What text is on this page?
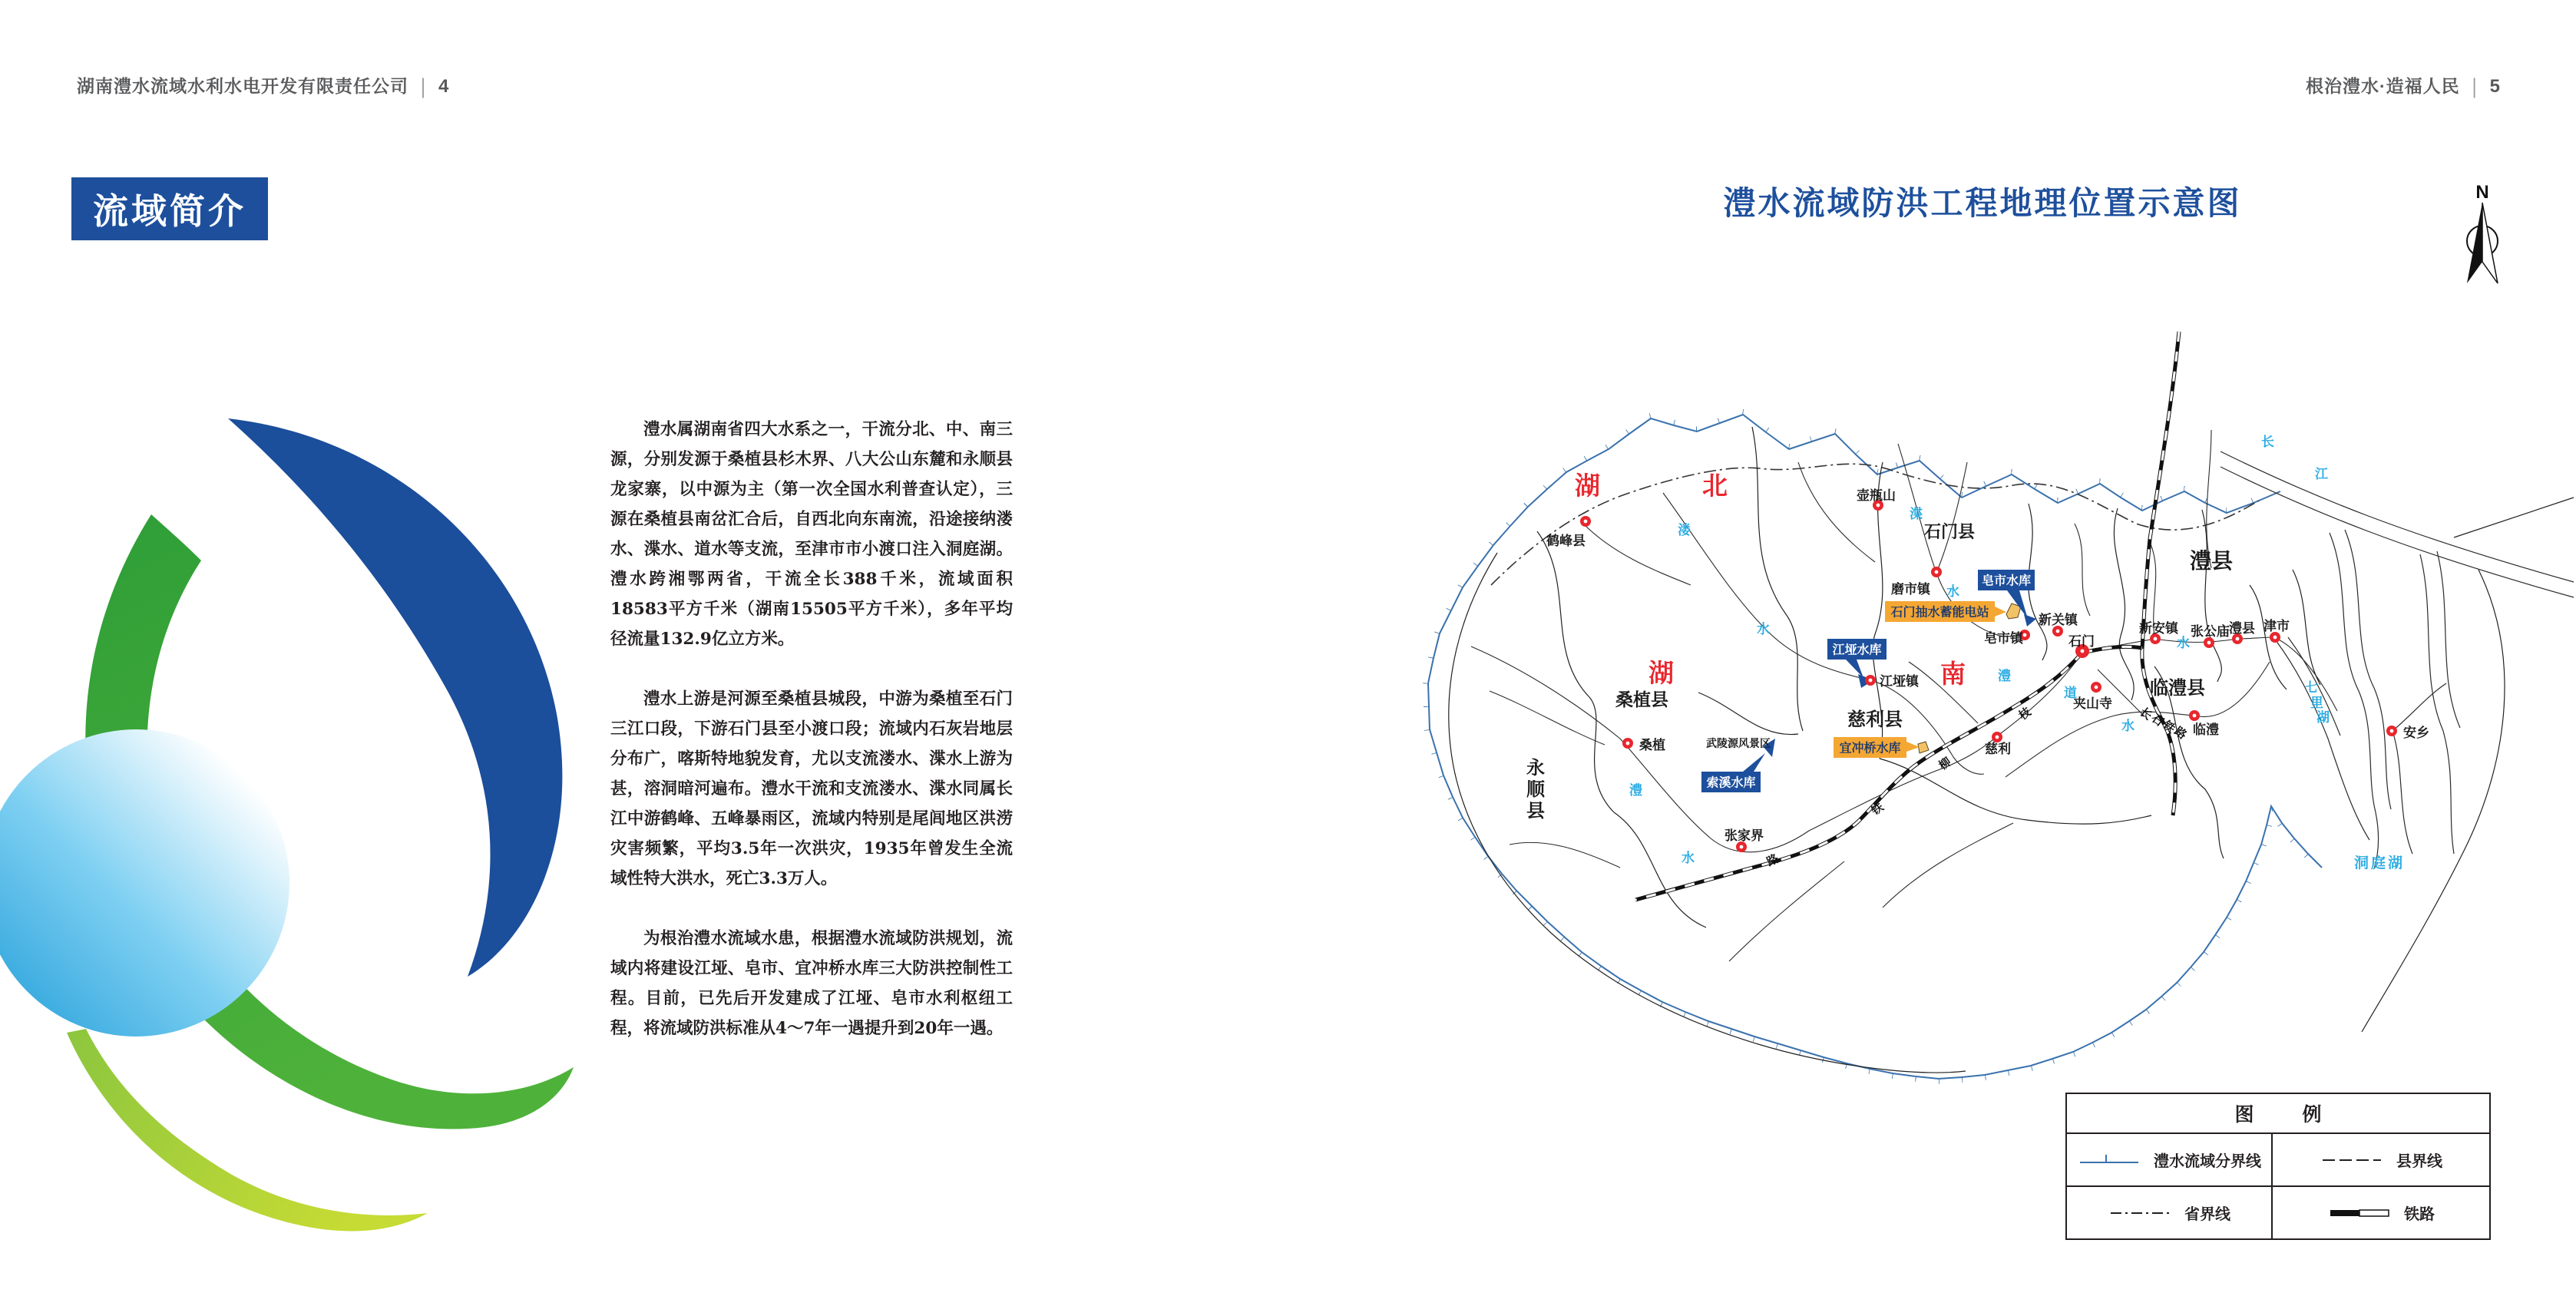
湖南澧水流域水利水电开发有限责任公司 | 4	根治澧水·造福人民 | 5
流域简介

澧水属湖南省四大水系之一，干流分北、中、南三源，分别发源于桑植县杉木界、八大公山东麓和永顺县龙家寨，以中源为主（第一次全国水利普查认定），三源在桑植县南岔汇合后，自西北向东南流，沿途接纳溇水、渫水、道水等支流，至津市市小渡口注入洞庭湖。澧水跨湘鄂两省，干流全长388千米，流域面积18583平方千米（湖南15505平方千米），多年平均径流量132.9亿立方米。

澧水上游是河源至桑植县城段，中游为桑植至石门三江口段，下游石门县至小渡口段；流域内石灰岩地层分布广，喀斯特地貌发育，尤以支流溇水、渫水上游为甚，溶洞暗河遍布。澧水干流和支流溇水、渫水同属长江中游鹤峰、五峰暴雨区，流域内特别是尾闾地区洪涝灾害频繁，平均3.5年一次洪灾，1935年曾发生全流域性特大洪水，死亡3.3万人。

为根治澧水流域水患，根据澧水流域防洪规划，流域内将建设江垭、皂市、宜冲桥水库三大防洪控制性工程。目前，已先后开发建成了江垭、皂市水利枢纽工程，将流域防洪标准从4～7年一遇提升到20年一遇。

澧水流域防洪工程地理位置示意图	N
枝
柳
铁
路
长
石
铁
路
湖	北
湖	南
溇
水
渫
水
澧
水
澧
水
道
水
长
江
七
里
湖
洞庭湖
武陵源风景区
石门县
澧县
临澧县
慈利县
桑植县
永
顺
县
皂市水库
江垭水库
索溪水库
石门抽水蓄能电站
宜冲桥水库
鹤峰县
壶瓶山
磨市镇
皂市镇
新关镇
石门
新安镇 张公庙 澧县 津市
临澧
夹山寺
安乡
桑植
张家界
江垭镇
慈利
图 例
澧水流域分界线	县界线
省界线	铁路
